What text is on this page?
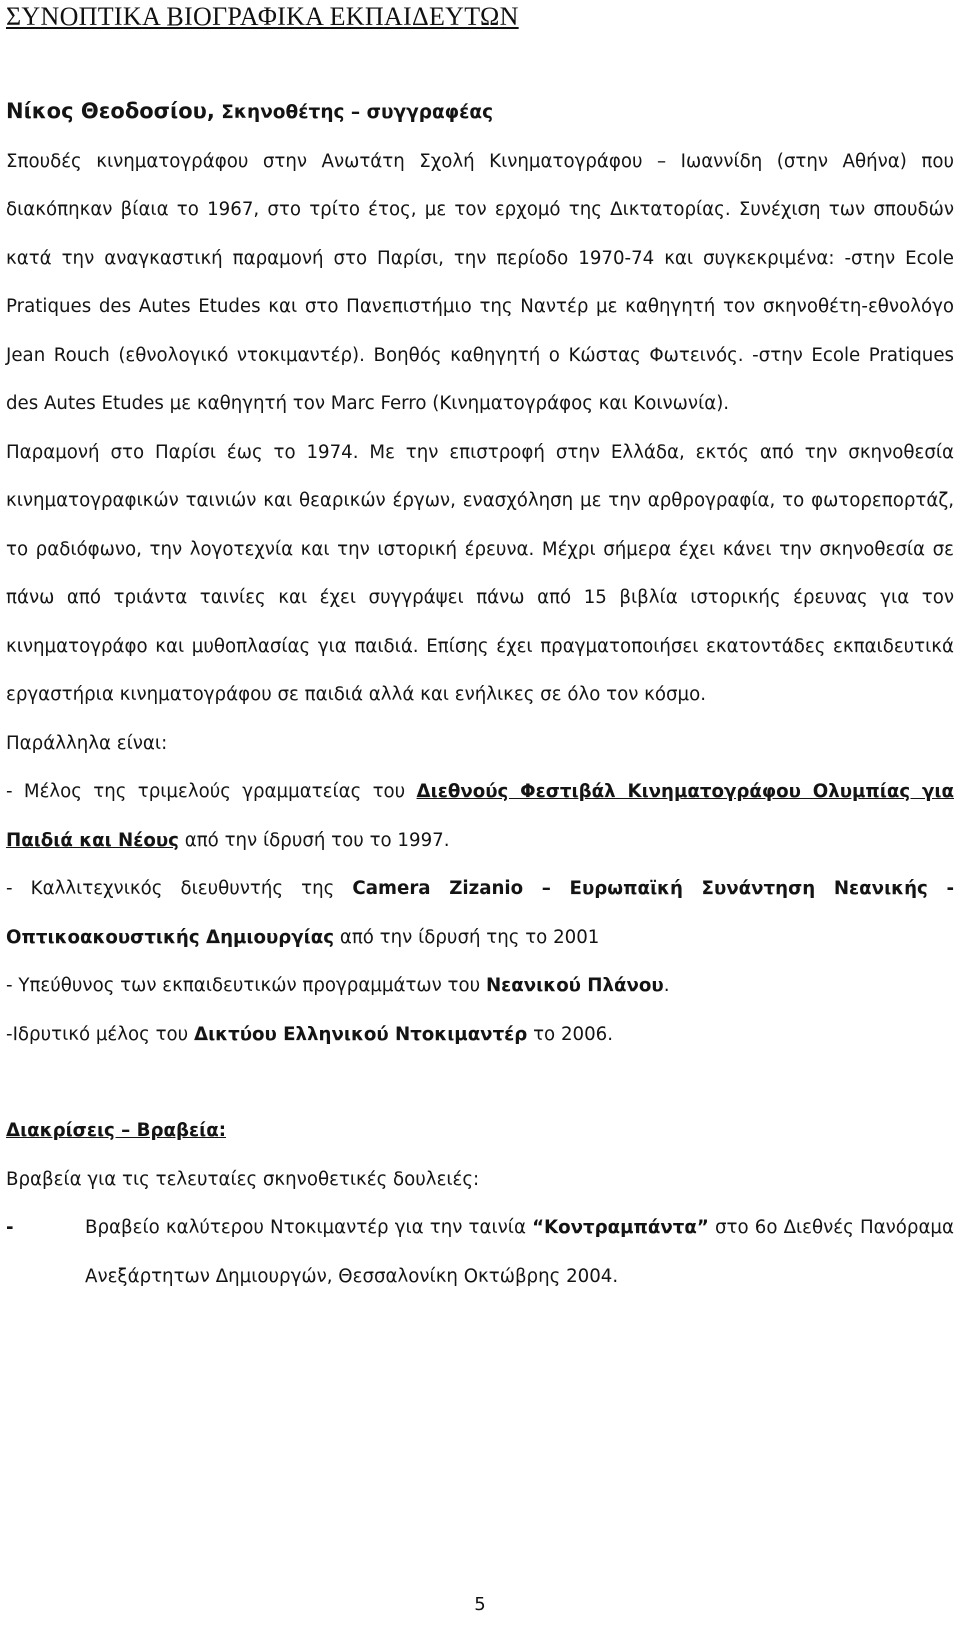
ΣΥΝΟΠΤΙΚΑ ΒΙΟΓΡΑΦΙΚΑ ΕΚΠΑΙΔΕΥΤΩΝ

Νίκος Θεοδοσίου, Σκηνοθέτης – συγγραφέας

Σπουδές κινηματογράφου στην Ανωτάτη Σχολή Κινηματογράφου – Ιωαννίδη (στην Αθήνα) που διακόπηκαν βίαια το 1967, στο τρίτο έτος, με τον ερχομό της Δικτατορίας. Συνέχιση των σπουδών κατά την αναγκαστική παραμονή στο Παρίσι, την περίοδο 1970-74 και συγκεκριμένα: -στην Ecole Pratiques des Autes Etudes και στο Πανεπιστήμιο της Ναντέρ με καθηγητή τον σκηνοθέτη-εθνολόγο Jean Rouch (εθνολογικό ντοκιμαντέρ). Βοηθός καθηγητή ο Κώστας Φωτεινός. -στην Ecole Pratiques des Autes Etudes με καθηγητή τον Marc Ferro (Κινηματογράφος και Κοινωνία).

Παραμονή στο Παρίσι έως το 1974. Με την επιστροφή στην Ελλάδα, εκτός από την σκηνοθεσία κινηματογραφικών ταινιών και θεαρικών έργων, ενασχόληση με την αρθρογραφία, το φωτορεπορτάζ, το ραδιόφωνο, την λογοτεχνία και την ιστορική έρευνα. Μέχρι σήμερα έχει κάνει την σκηνοθεσία σε πάνω από τριάντα ταινίες και έχει συγγράψει πάνω από 15 βιβλία ιστορικής έρευνας για τον κινηματογράφο και μυθοπλασίας για παιδιά. Επίσης έχει πραγματοποιήσει εκατοντάδες εκπαιδευτικά εργαστήρια κινηματογράφου σε παιδιά αλλά και ενήλικες σε όλο τον κόσμο.

Παράλληλα είναι:

- Μέλος της τριμελούς γραμματείας του Διεθνούς Φεστιβάλ Κινηματογράφου Ολυμπίας για Παιδιά και Νέους από την ίδρυσή του το 1997.

- Καλλιτεχνικός διευθυντής της Camera Zizanio – Ευρωπαϊκή Συνάντηση Νεανικής - Οπτικοακουστικής Δημιουργίας από την ίδρυσή της το 2001

- Υπεύθυνος των εκπαιδευτικών προγραμμάτων του Νεανικού Πλάνου.

-Ιδρυτικό μέλος του Δικτύου Ελληνικού Ντοκιμαντέρ το 2006.

Διακρίσεις – Βραβεία:

Βραβεία για τις τελευταίες σκηνοθετικές δουλειές:

-	Βραβείο καλύτερου Ντοκιμαντέρ για την ταινία “Κοντραμπάντα” στο 6ο Διεθνές Πανόραμα Ανεξάρτητων Δημιουργών, Θεσσαλονίκη Οκτώβρης 2004.
5
